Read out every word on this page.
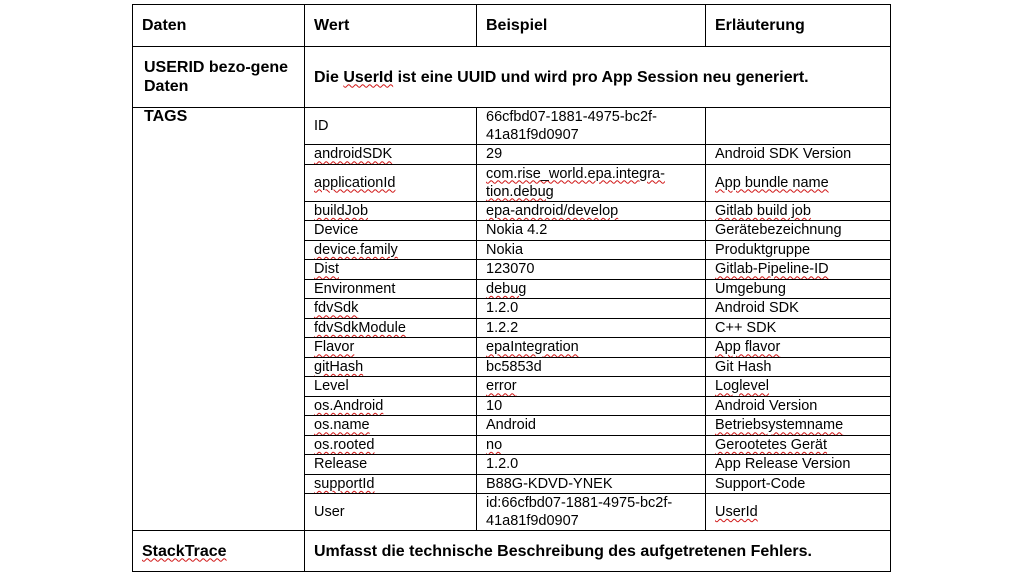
Daten	Wert	Beispiel	Erläuterung
USERID bezo-gene Daten	Die UserId ist eine UUID und wird pro App Session neu generiert.		
TAGS	ID	66cfbd07-1881-4975-bc2f-41a81f9d0907	
	androidSDK	29	Android SDK Version
	applicationId	com.rise_world.epa.integra-tion.debug	App bundle name
	buildJob	epa-android/develop	Gitlab build job
	Device	Nokia 4.2	Gerätebezeichnung
	device.family	Nokia	Produktgruppe
	Dist	123070	Gitlab-Pipeline-ID
	Environment	debug	Umgebung
	fdvSdk	1.2.0	Android SDK
	fdvSdkModule	1.2.2	C++ SDK
	Flavor	epaIntegration	App flavor
	gitHash	bc5853d	Git Hash
	Level	error	Loglevel
	os.Android	10	Android Version
	os.name	Android	Betriebsystemname
	os.rooted	no	Gerootetes Gerät
	Release	1.2.0	App Release Version
	supportId	B88G-KDVD-YNEK	Support-Code
	User	id:66cfbd07-1881-4975-bc2f-41a81f9d0907	UserId
StackTrace	Umfasst die technische Beschreibung des aufgetretenen Fehlers.		
